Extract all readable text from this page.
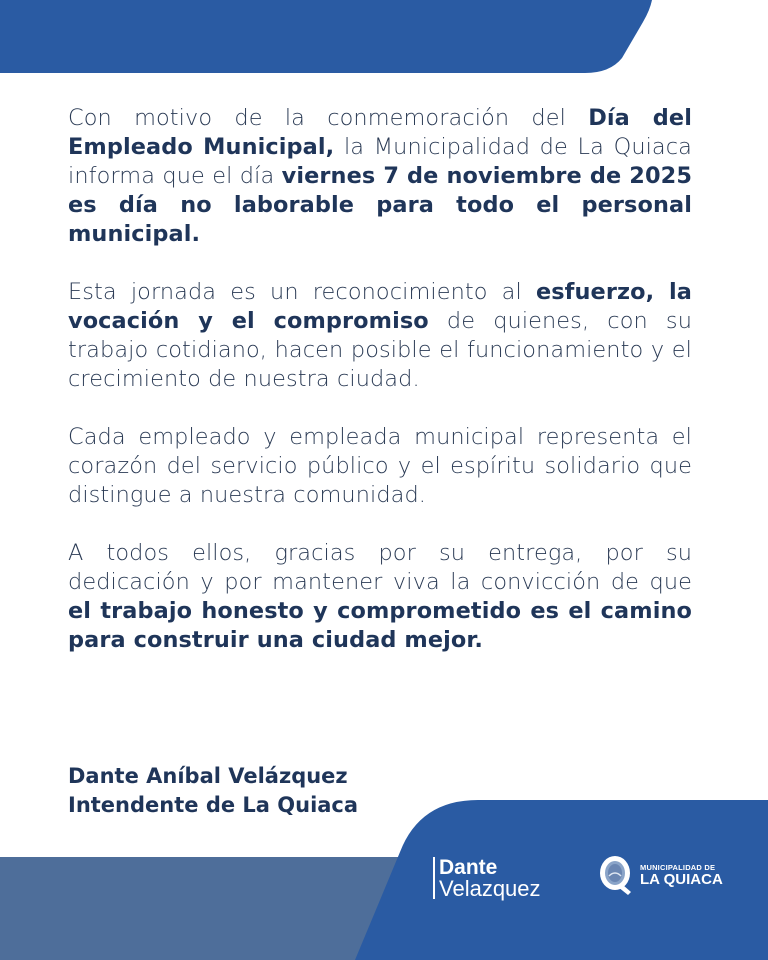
Con motivo de la conmemoración del Día del Empleado Municipal, la Municipalidad de La Quiaca informa que el día viernes 7 de noviembre de 2025 es día no laborable para todo el personal municipal.

Esta jornada es un reconocimiento al esfuerzo, la vocación y el compromiso de quienes, con su trabajo cotidiano, hacen posible el funcionamiento y el crecimiento de nuestra ciudad.

Cada empleado y empleada municipal representa el corazón del servicio público y el espíritu solidario que distingue a nuestra comunidad.

A todos ellos, gracias por su entrega, por su dedicación y por mantener viva la convicción de que el trabajo honesto y comprometido es el camino para construir una ciudad mejor.

Dante Aníbal Velázquez
Intendente de La Quiaca
Dante
Velazquez
MUNICIPALIDAD DE
LA QUIACA
